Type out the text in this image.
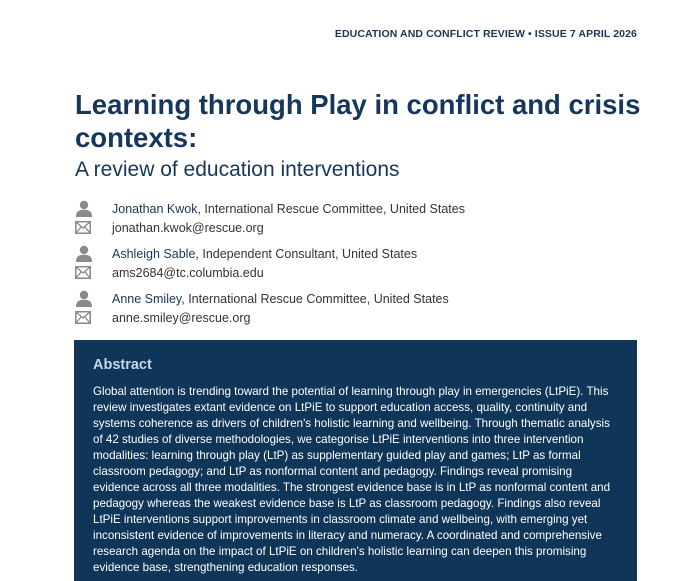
EDUCATION AND CONFLICT REVIEW • ISSUE 7 APRIL 2026
Learning through Play in conflict and crisis contexts:
A review of education interventions
Jonathan Kwok, International Rescue Committee, United States
jonathan.kwok@rescue.org
Ashleigh Sable, Independent Consultant, United States
ams2684@tc.columbia.edu
Anne Smiley, International Rescue Committee, United States
anne.smiley@rescue.org
Abstract

Global attention is trending toward the potential of learning through play in emergencies (LtPiE). This review investigates extant evidence on LtPiE to support education access, quality, continuity and systems coherence as drivers of children's holistic learning and wellbeing. Through thematic analysis of 42 studies of diverse methodologies, we categorise LtPiE interventions into three intervention modalities: learning through play (LtP) as supplementary guided play and games; LtP as formal classroom pedagogy; and LtP as nonformal content and pedagogy. Findings reveal promising evidence across all three modalities. The strongest evidence base is in LtP as nonformal content and pedagogy whereas the weakest evidence base is LtP as classroom pedagogy. Findings also reveal LtPiE interventions support improvements in classroom climate and wellbeing, with emerging yet inconsistent evidence of improvements in literacy and numeracy. A coordinated and comprehensive research agenda on the impact of LtPiE on children's holistic learning can deepen this promising evidence base, strengthening education responses.
